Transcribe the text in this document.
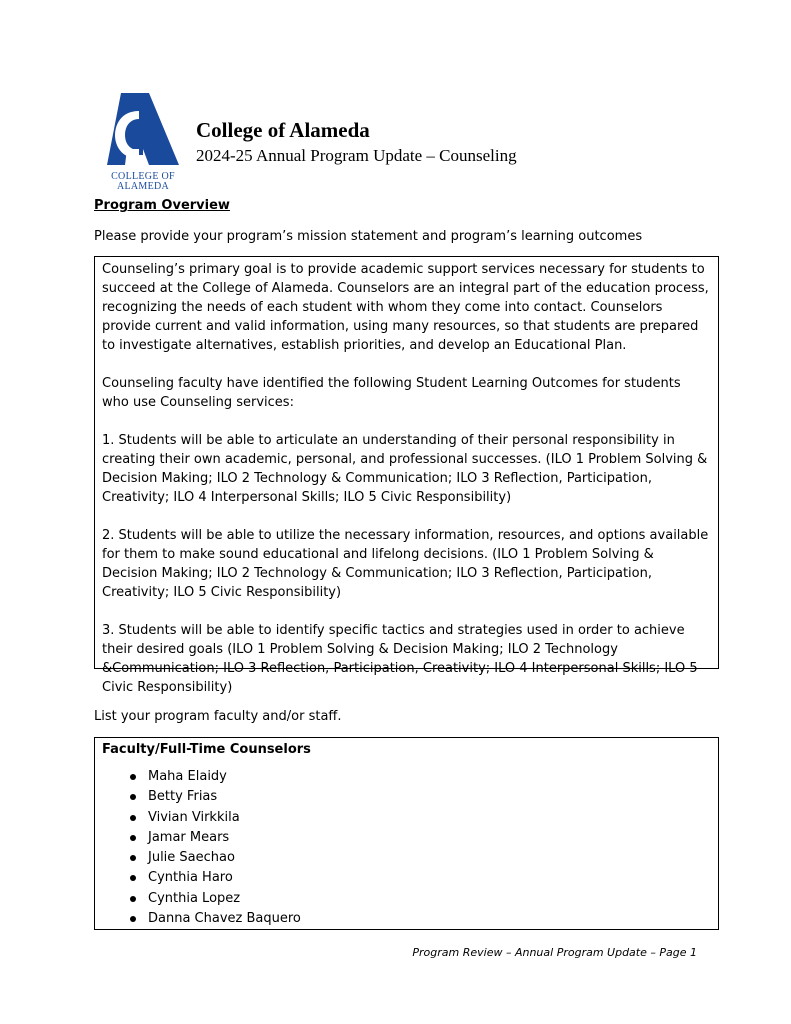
COLLEGE OF
ALAMEDA
College of Alameda
2024-25 Annual Program Update – Counseling
Program Overview
Please provide your program’s mission statement and program’s learning outcomes

Counseling’s primary goal is to provide academic support services necessary for students to succeed at the College of Alameda. Counselors are an integral part of the education process, recognizing the needs of each student with whom they come into contact. Counselors provide current and valid information, using many resources, so that students are prepared to investigate alternatives, establish priorities, and develop an Educational Plan.

Counseling faculty have identified the following Student Learning Outcomes for students who use Counseling services:

1. Students will be able to articulate an understanding of their personal responsibility in creating their own academic, personal, and professional successes. (ILO 1 Problem Solving & Decision Making; ILO 2 Technology & Communication; ILO 3 Reflection, Participation, Creativity; ILO 4 Interpersonal Skills; ILO 5 Civic Responsibility)

2. Students will be able to utilize the necessary information, resources, and options available for them to make sound educational and lifelong decisions. (ILO 1 Problem Solving & Decision Making; ILO 2 Technology & Communication; ILO 3 Reflection, Participation, Creativity; ILO 5 Civic Responsibility)

3. Students will be able to identify specific tactics and strategies used in order to achieve their desired goals (ILO 1 Problem Solving & Decision Making; ILO 2 Technology &Communication; ILO 3 Reflection, Participation, Creativity; ILO 4 Interpersonal Skills; ILO 5 Civic Responsibility)

List your program faculty and/or staff.
Faculty/Full-Time Counselors
Maha Elaidy
Betty Frias
Vivian Virkkila
Jamar Mears
Julie Saechao
Cynthia Haro
Cynthia Lopez
Danna Chavez Baquero
Program Review – Annual Program Update – Page 1
